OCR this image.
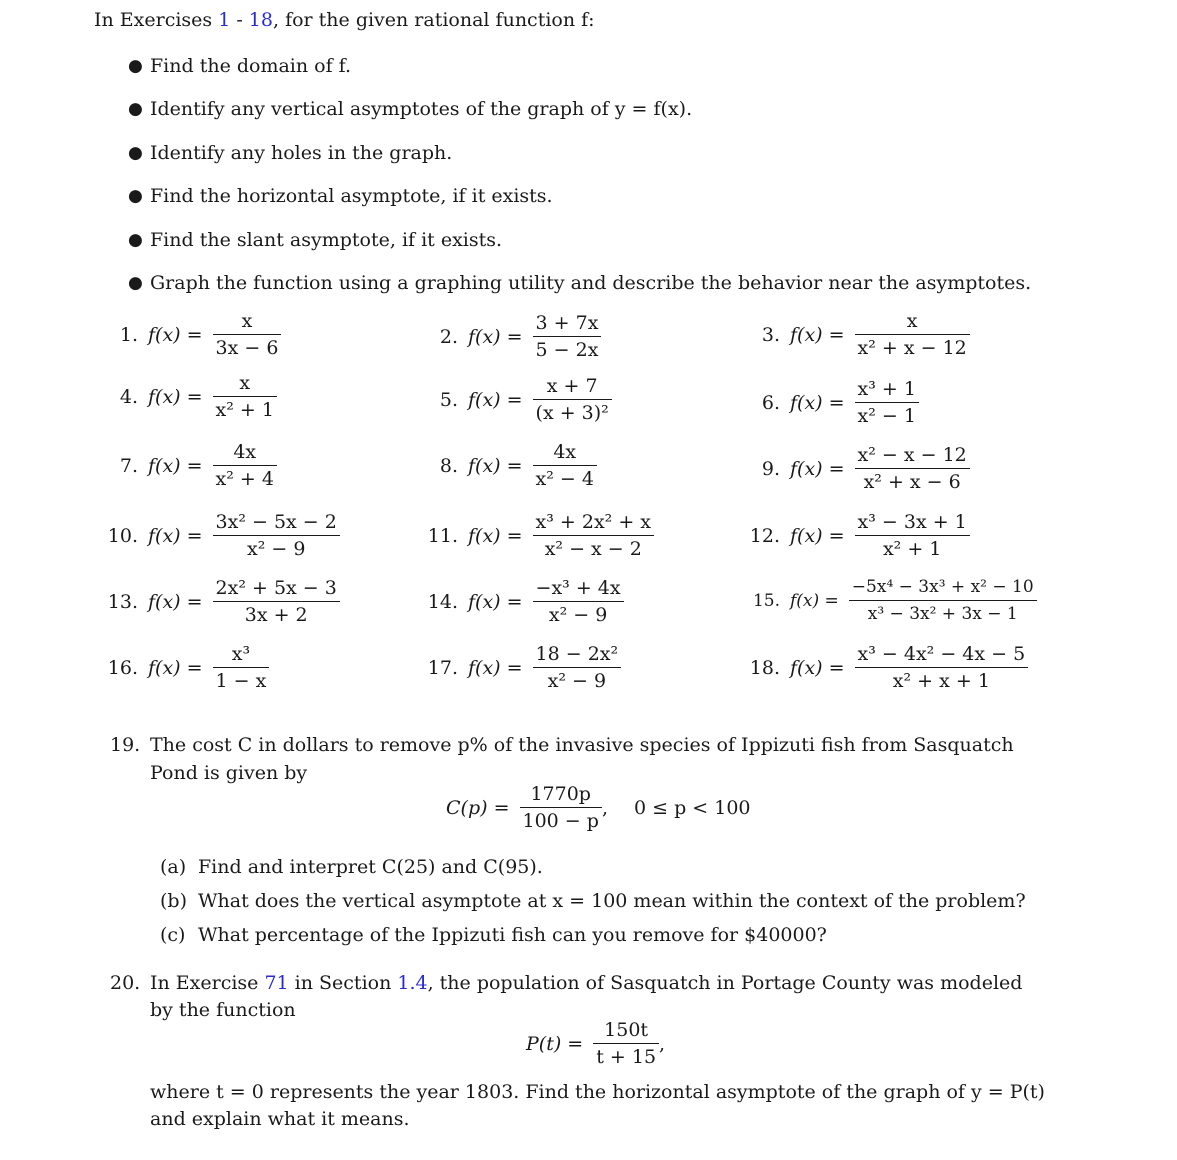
In Exercises 1 - 18, for the given rational function f:
● Find the domain of f.
● Identify any vertical asymptotes of the graph of y = f(x).
● Identify any holes in the graph.
● Find the horizontal asymptote, if it exists.
● Find the slant asymptote, if it exists.
● Graph the function using a graphing utility and describe the behavior near the asymptotes.
1. $f(x) = \frac{x}{3x - 6}$	2. $f(x) = \frac{3 + 7x}{5 - 2x}$	3. $f(x) = \frac{x}{\text{x² + x − 12}}$
4. $f(x) = \frac{x}{\text{x² + 1}}$	5. $f(x) = \frac{x + 7}{\text{(x + 3)²}}$	6. $f(x) = \frac{\text{x³ + 1}}{\text{x² − 1}}$
7. $f(x) = \frac{4x}{\text{x² + 4}}$	8. $f(x) = \frac{4x}{\text{x² − 4}}$	9. $f(x) = \frac{\text{x² − x − 12}}{\text{x² + x − 6}}$
10. $f(x) = \frac{\text{3x² − 5x − 2}}{\text{x² − 9}}$	11. $f(x) = \frac{\text{x³ + 2x² + x}}{\text{x² − x − 2}}$	12. $f(x) = \frac{\text{x³ − 3x + 1}}{\text{x² + 1}}$
13. $f(x) = \frac{\text{2x² + 5x − 3}}{3x + 2}$	14. $f(x) = \frac{\text{−x³ + 4x}}{\text{x² − 9}}$	15. $f(x) = \frac{\text{−5x⁴ − 3x³ + x² − 10}}{\text{x³ − 3x² + 3x − 1}}$
16. $f(x) = \frac{\text{x³}}{1 - x}$	17. $f(x) = \frac{\text{18 − 2x²}}{\text{x² − 9}}$	18. $f(x) = \frac{\text{x³ − 4x² − 4x − 5}}{\text{x² + x + 1}}$
19. The cost C in dollars to remove p% of the invasive species of Ippizuti fish from Sasquatch
Pond is given by
$C(p) = \frac{1770p}{100 - p}$ , 0 ≤ p < 100
(a) Find and interpret C(25) and C(95).
(b) What does the vertical asymptote at x = 100 mean within the context of the problem?
(c) What percentage of the Ippizuti fish can you remove for $40000?
20. In Exercise 71 in Section 1.4, the population of Sasquatch in Portage County was modeled
by the function
$P(t) = \frac{150t}{t + 15}$ ,
where t = 0 represents the year 1803. Find the horizontal asymptote of the graph of y = P(t)
and explain what it means.
